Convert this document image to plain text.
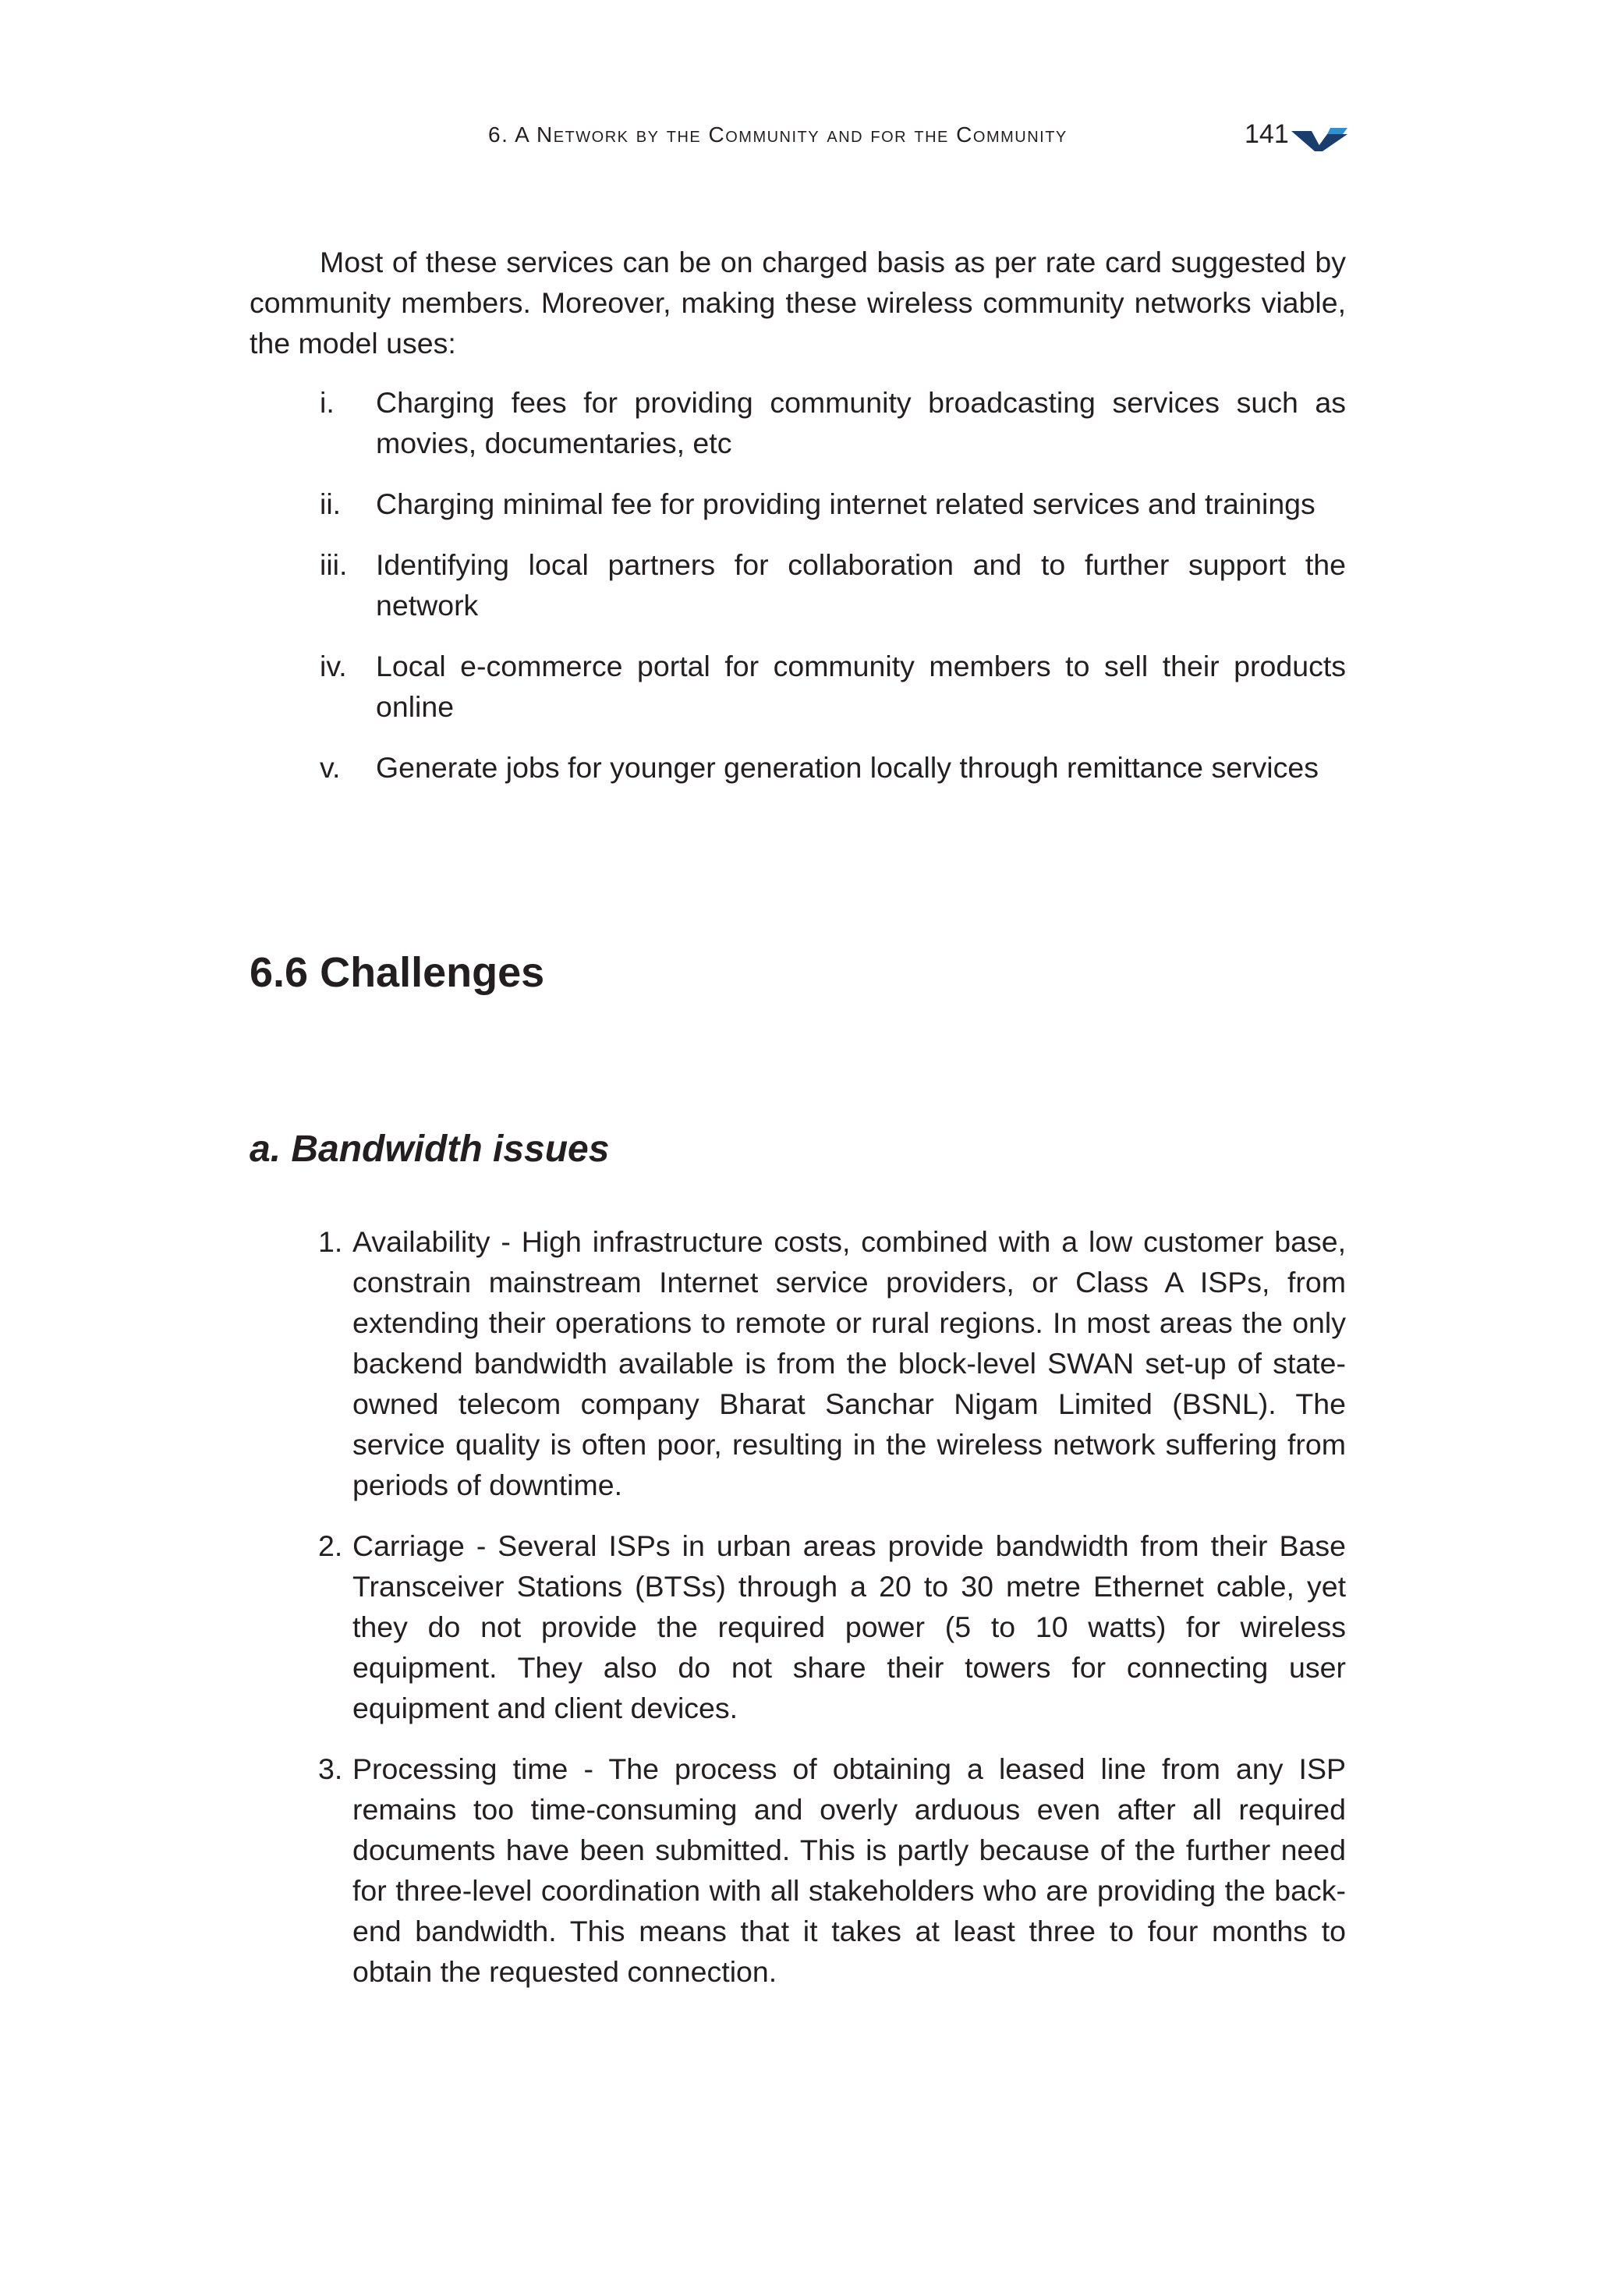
6. A Network by the Community and for the Community	141

Most of these services can be on charged basis as per rate card suggested by community members. Moreover, making these wireless community networks viable, the model uses:

i.	Charging fees for providing community broadcasting services such as movies, documentaries, etc
ii.	Charging minimal fee for providing internet related services and trainings
iii. Identifying local partners for collaboration and to further support the network
iv. Local e-commerce portal for community members to sell their products online
v.	Generate jobs for younger generation locally through remittance services
6.6 Challenges
a. Bandwidth issues
1. Availability - High infrastructure costs, combined with a low customer base, constrain mainstream Internet service providers, or Class A ISPs, from extending their operations to remote or rural regions. In most areas the only backend bandwidth available is from the block-level SWAN set-up of state-owned telecom company Bharat Sanchar Nigam Limited (BSNL). The service quality is often poor, resulting in the wireless network suffering from periods of downtime.
2. Carriage - Several ISPs in urban areas provide bandwidth from their Base Transceiver Stations (BTSs) through a 20 to 30 metre Ethernet cable, yet they do not provide the required power (5 to 10 watts) for wireless equipment. They also do not share their towers for connecting user equipment and client devices.
3. Processing time - The process of obtaining a leased line from any ISP remains too time-consuming and overly arduous even after all required documents have been submitted. This is partly because of the further need for three-level coordination with all stakeholders who are providing the back-end bandwidth. This means that it takes at least three to four months to obtain the requested connection.
